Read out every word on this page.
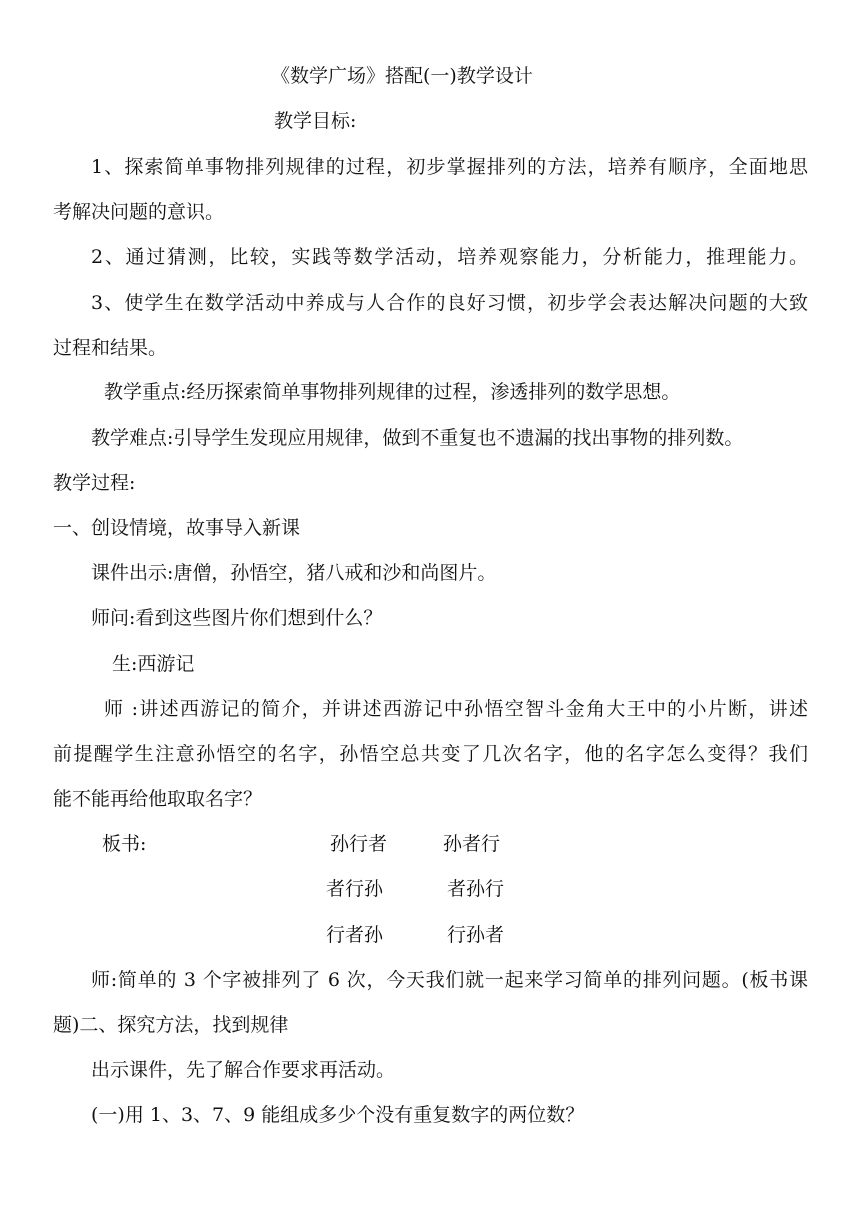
《数学广场》搭配(一)教学设计
教学目标:
1、探索简单事物排列规律的过程，初步掌握排列的方法，培养有顺序，全面地思
考解决问题的意识。
2、通过猜测，比较，实践等数学活动，培养观察能力，分析能力，推理能力。
3、使学生在数学活动中养成与人合作的良好习惯，初步学会表达解决问题的大致
过程和结果。
教学重点:经历探索简单事物排列规律的过程，渗透排列的数学思想。
教学难点:引导学生发现应用规律，做到不重复也不遗漏的找出事物的排列数。
教学过程:
一、创设情境，故事导入新课
课件出示:唐僧，孙悟空，猪八戒和沙和尚图片。
师问:看到这些图片你们想到什么？
生:西游记
师 :讲述西游记的简介，并讲述西游记中孙悟空智斗金角大王中的小片断，讲述
前提醒学生注意孙悟空的名字，孙悟空总共变了几次名字，他的名字怎么变得？我们
能不能再给他取取名字？
板书:	孙行者	孙者行
者行孙	者孙行
行者孙	行孙者
师:简单的 3 个字被排列了 6 次，今天我们就一起来学习简单的排列问题。(板书课
题)二、探究方法，找到规律
出示课件，先了解合作要求再活动。
(一)用 1、3、7、9 能组成多少个没有重复数字的两位数？
